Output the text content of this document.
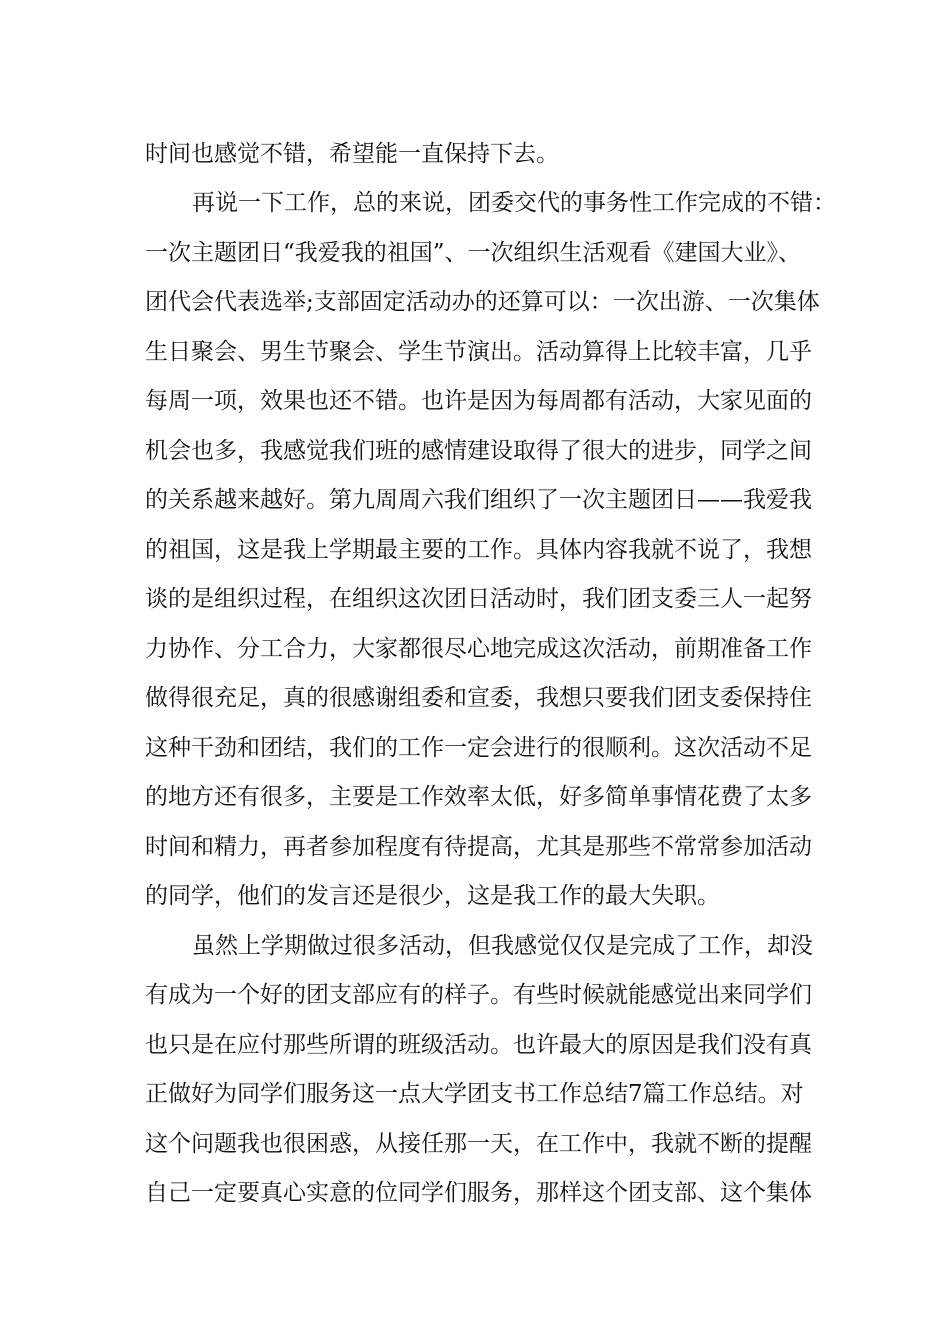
时间也感觉不错，希望能一直保持下去。
再说一下工作，总的来说，团委交代的事务性工作完成的不错：
一次主题团日“我爱我的祖国”、一次组织生活观看《建国大业》、
团代会代表选举;支部固定活动办的还算可以：一次出游、一次集体
生日聚会、男生节聚会、学生节演出。活动算得上比较丰富，几乎
每周一项，效果也还不错。也许是因为每周都有活动，大家见面的
机会也多，我感觉我们班的感情建设取得了很大的进步，同学之间
的关系越来越好。第九周周六我们组织了一次主题团日——我爱我
的祖国，这是我上学期最主要的工作。具体内容我就不说了，我想
谈的是组织过程，在组织这次团日活动时，我们团支委三人一起努
力协作、分工合力，大家都很尽心地完成这次活动，前期准备工作
做得很充足，真的很感谢组委和宣委，我想只要我们团支委保持住
这种干劲和团结，我们的工作一定会进行的很顺利。这次活动不足
的地方还有很多，主要是工作效率太低，好多简单事情花费了太多
时间和精力，再者参加程度有待提高，尤其是那些不常常参加活动
的同学，他们的发言还是很少，这是我工作的最大失职。
虽然上学期做过很多活动，但我感觉仅仅是完成了工作，却没
有成为一个好的团支部应有的样子。有些时候就能感觉出来同学们
也只是在应付那些所谓的班级活动。也许最大的原因是我们没有真
正做好为同学们服务这一点大学团支书工作总结7篇工作总结。对
这个问题我也很困惑，从接任那一天，在工作中，我就不断的提醒
自己一定要真心实意的位同学们服务，那样这个团支部、这个集体
